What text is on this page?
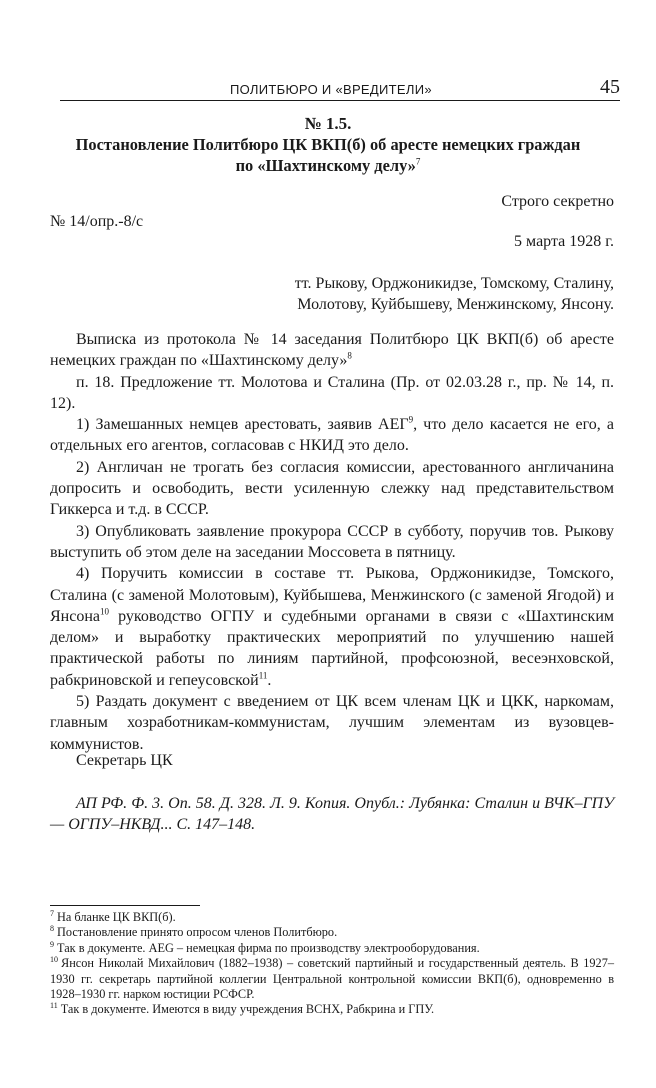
ПОЛИТБЮРО И «ВРЕДИТЕЛИ»	45
№ 1.5.
Постановление Политбюро ЦК ВКП(б) об аресте немецких граждан
по «Шахтинскому делу»$^7$
Строго секретно
№ 14/опр.-8/с
5 марта 1928 г.
тт. Рыкову, Орджоникидзе, Томскому, Сталину,
Молотову, Куйбышеву, Менжинскому, Янсону.

Выписка из протокола № 14 заседания Политбюро ЦК ВКП(б) об аресте немецких граждан по «Шахтинскому делу»$^8$

п. 18. Предложение тт. Молотова и Сталина (Пр. от 02.03.28 г., пр. № 14, п. 12).

1) Замешанных немцев арестовать, заявив АЕГ$^9$, что дело касается не его, а отдельных его агентов, согласовав с НКИД это дело.

2) Англичан не трогать без согласия комиссии, арестованного англичанина допросить и освободить, вести усиленную слежку над представительством Гиккерса и т.д. в СССР.

3) Опубликовать заявление прокурора СССР в субботу, поручив тов. Рыкову выступить об этом деле на заседании Моссовета в пятницу.

4) Поручить комиссии в составе тт. Рыкова, Орджоникидзе, Томского, Сталина (с заменой Молотовым), Куйбышева, Менжинского (с заменой Ягодой) и Янсона$^{10}$ руководство ОГПУ и судебными органами в связи с «Шахтинским делом» и выработку практических мероприятий по улучшению нашей практической работы по линиям партийной, профсоюзной, весеэнховской, рабкриновской и гепеусовской$^{11}$.

5) Раздать документ с введением от ЦК всем членам ЦК и ЦКК, наркомам, главным хозработникам-коммунистам, лучшим элементам из вузовцев-коммунистов.

Секретарь ЦК
АП РФ. Ф. 3. Оп. 58. Д. 328. Л. 9. Копия. Опубл.: Лубянка: Сталин и ВЧК–ГПУ— ОГПУ–НКВД... С. 147–148.

$^7$ На бланке ЦК ВКП(б).

$^8$ Постановление принято опросом членов Политбюро.

$^9$ Так в документе. AEG – немецкая фирма по производству электрооборудования.

$^{10}$ Янсон Николай Михайлович (1882–1938) – советский партийный и государственный деятель. В 1927–1930 гг. секретарь партийной коллегии Центральной контрольной комиссии ВКП(б), одновременно в 1928–1930 гг. нарком юстиции РСФСР.

$^{11}$ Так в документе. Имеются в виду учреждения ВСНХ, Рабкрина и ГПУ.
